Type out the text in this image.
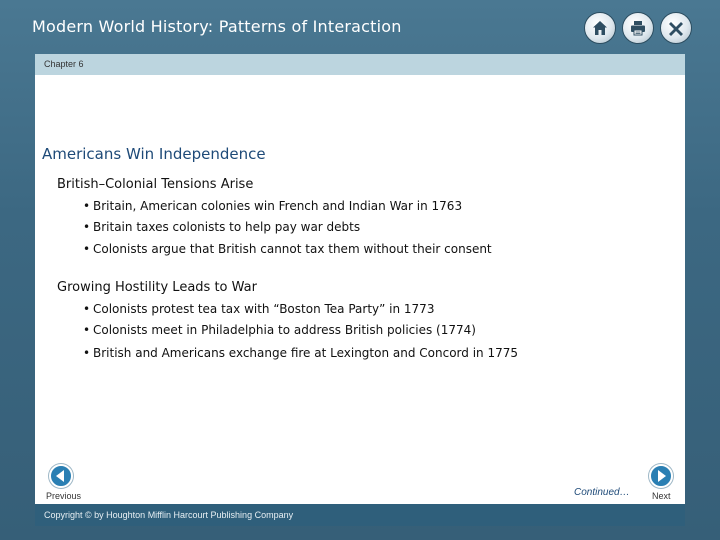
Modern World History: Patterns of Interaction
Chapter 6
Americans Win Independence
British–Colonial Tensions Arise
• Britain, American colonies win French and Indian War in 1763
• Britain taxes colonists to help pay war debts
• Colonists argue that British cannot tax them without their consent
Growing Hostility Leads to War
• Colonists protest tea tax with “Boston Tea Party” in 1773
• Colonists meet in Philadelphia to address British policies (1774)
• British and Americans exchange fire at Lexington and Concord in 1775
Previous	Continued… Next
Copyright © by Houghton Mifflin Harcourt Publishing Company
